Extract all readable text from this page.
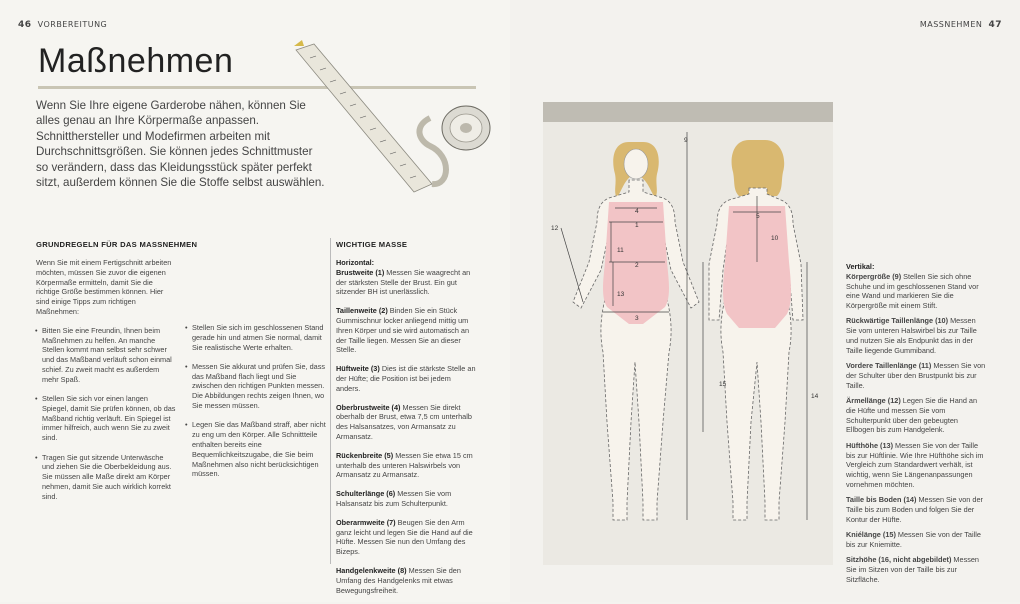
46 VORBEREITUNG
Maßnehmen
Wenn Sie Ihre eigene Garderobe nähen, können Sie alles genau an Ihre Körpermaße anpassen. Schnitthersteller und Modefirmen arbeiten mit Durchschnittsgrößen. Sie können jedes Schnittmuster so verändern, dass das Kleidungsstück später perfekt sitzt, außerdem können Sie die Stoffe selbst auswählen.
GRUNDREGELN FÜR DAS MASSNEHMEN

Wenn Sie mit einem Fertigschnitt arbeiten möchten, müssen Sie zuvor die eigenen Körpermaße ermitteln, damit Sie die richtige Größe bestimmen können. Hier sind einige Tipps zum richtigen Maßnehmen:

• Bitten Sie eine Freundin, Ihnen beim Maßnehmen zu helfen. An manche Stellen kommt man selbst sehr schwer und das Maßband verläuft schon einmal schief. Zu zweit macht es außerdem mehr Spaß.
• Stellen Sie sich vor einen langen Spiegel, damit Sie prüfen können, ob das Maßband richtig verläuft. Ein Spiegel ist immer hilfreich, auch wenn Sie zu zweit sind.
• Tragen Sie gut sitzende Unterwäsche und ziehen Sie die Oberbekleidung aus. Sie müssen alle Maße direkt am Körper nehmen, damit Sie auch wirklich korrekt sind.
• Stellen Sie sich im geschlossenen Stand gerade hin und atmen Sie normal, damit Sie realistische Werte erhalten.
• Messen Sie akkurat und prüfen Sie, dass das Maßband flach liegt und Sie zwischen den richtigen Punkten messen. Die Abbildungen rechts zeigen Ihnen, wo Sie messen müssen.
• Legen Sie das Maßband straff, aber nicht zu eng um den Körper. Alle Schnittteile enthalten bereits eine Bequemlichkeitszugabe, die Sie beim Maßnehmen also nicht berücksichtigen müssen.
WICHTIGE MASSE
Horizontal:

Brustweite (1) Messen Sie waagrecht an der stärksten Stelle der Brust. Ein gut sitzender BH ist unerlässlich.

Taillenweite (2) Binden Sie ein Stück Gummischnur locker anliegend mittig um Ihren Körper und sie wird automatisch an der Taille liegen. Messen Sie an dieser Stelle.

Hüftweite (3) Dies ist die stärkste Stelle an der Hüfte; die Position ist bei jedem anders.

Oberbrustweite (4) Messen Sie direkt oberhalb der Brust, etwa 7,5 cm unterhalb des Halsansatzes, von Armansatz zu Armansatz.

Rückenbreite (5) Messen Sie etwa 15 cm unterhalb des unteren Halswirbels von Armansatz zu Armansatz.

Schulterlänge (6) Messen Sie vom Halsansatz bis zum Schulterpunkt.

Oberarmweite (7) Beugen Sie den Arm ganz leicht und legen Sie die Hand auf die Hüfte. Messen Sie nun den Umfang des Bizeps.

Handgelenkweite (8) Messen Sie den Umfang des Handgelenks mit etwas Bewegungsfreiheit.

MASSNEHMEN 47
1
2
3
4
5
9
10
11
12
13
14
15
Vertikal:

Körpergröße (9) Stellen Sie sich ohne Schuhe und im geschlossenen Stand vor eine Wand und markieren Sie die Körpergröße mit einem Stift.

Rückwärtige Taillenlänge (10) Messen Sie vom unteren Halswirbel bis zur Taille und nutzen Sie als Endpunkt das in der Taille liegende Gummiband.

Vordere Taillenlänge (11) Messen Sie von der Schulter über den Brustpunkt bis zur Taille.

Ärmellänge (12) Legen Sie die Hand an die Hüfte und messen Sie vom Schulterpunkt über den gebeugten Ellbogen bis zum Handgelenk.

Hüfthöhe (13) Messen Sie von der Taille bis zur Hüftlinie. Wie Ihre Hüfthöhe sich im Vergleich zum Standardwert verhält, ist wichtig, wenn Sie Längenanpassungen vornehmen möchten.

Taille bis Boden (14) Messen Sie von der Taille bis zum Boden und folgen Sie der Kontur der Hüfte.

Kniélänge (15) Messen Sie von der Taille bis zur Kniemitte.

Sitzhöhe (16, nicht abgebildet) Messen Sie im Sitzen von der Taille bis zur Sitzfläche.
